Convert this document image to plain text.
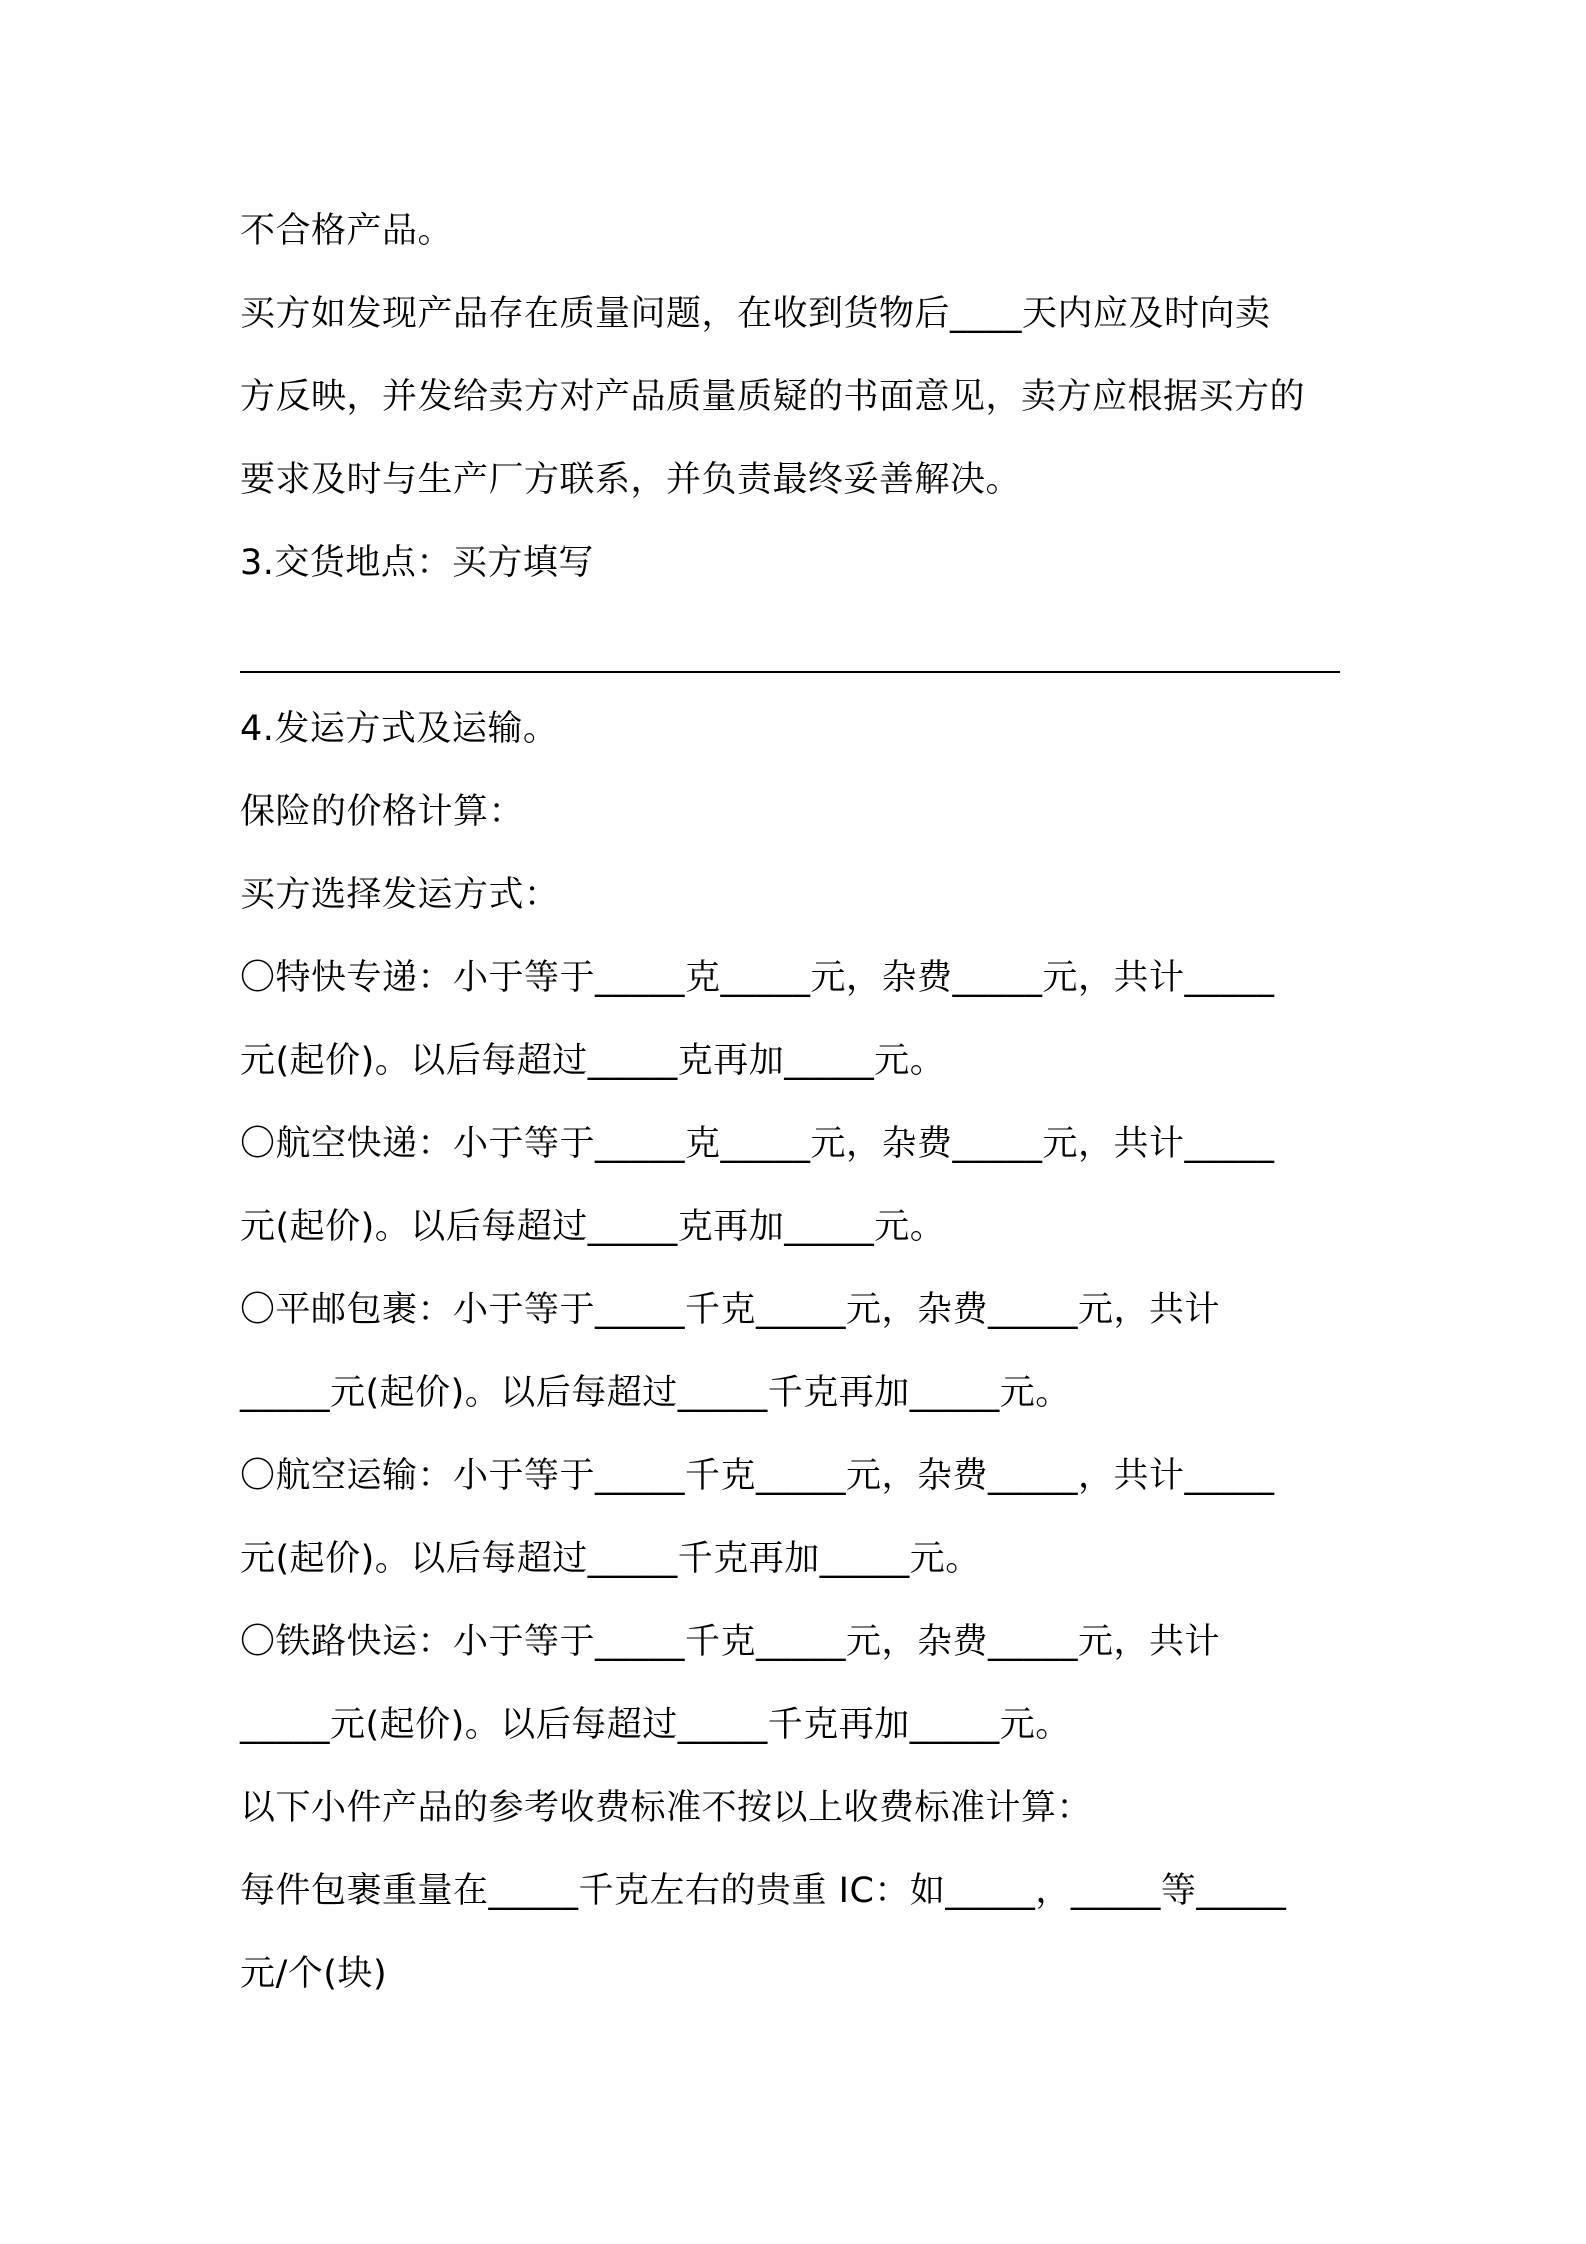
不合格产品。
买方如发现产品存在质量问题，在收到货物后____天内应及时向卖
方反映，并发给卖方对产品质量质疑的书面意见，卖方应根据买方的
要求及时与生产厂方联系，并负责最终妥善解决。
3.交货地点：买方填写
4.发运方式及运输。
保险的价格计算：
买方选择发运方式：
〇特快专递：小于等于_____克_____元，杂费_____元，共计_____
元(起价)。以后每超过_____克再加_____元。
〇航空快递：小于等于_____克_____元，杂费_____元，共计_____
元(起价)。以后每超过_____克再加_____元。
〇平邮包裹：小于等于_____千克_____元，杂费_____元，共计
_____元(起价)。以后每超过_____千克再加_____元。
〇航空运输：小于等于_____千克_____元，杂费_____，共计_____
元(起价)。以后每超过_____千克再加_____元。
〇铁路快运：小于等于_____千克_____元，杂费_____元，共计
_____元(起价)。以后每超过_____千克再加_____元。
以下小件产品的参考收费标准不按以上收费标准计算：
每件包裹重量在_____千克左右的贵重 IC：如_____，_____等_____
元/个(块)
